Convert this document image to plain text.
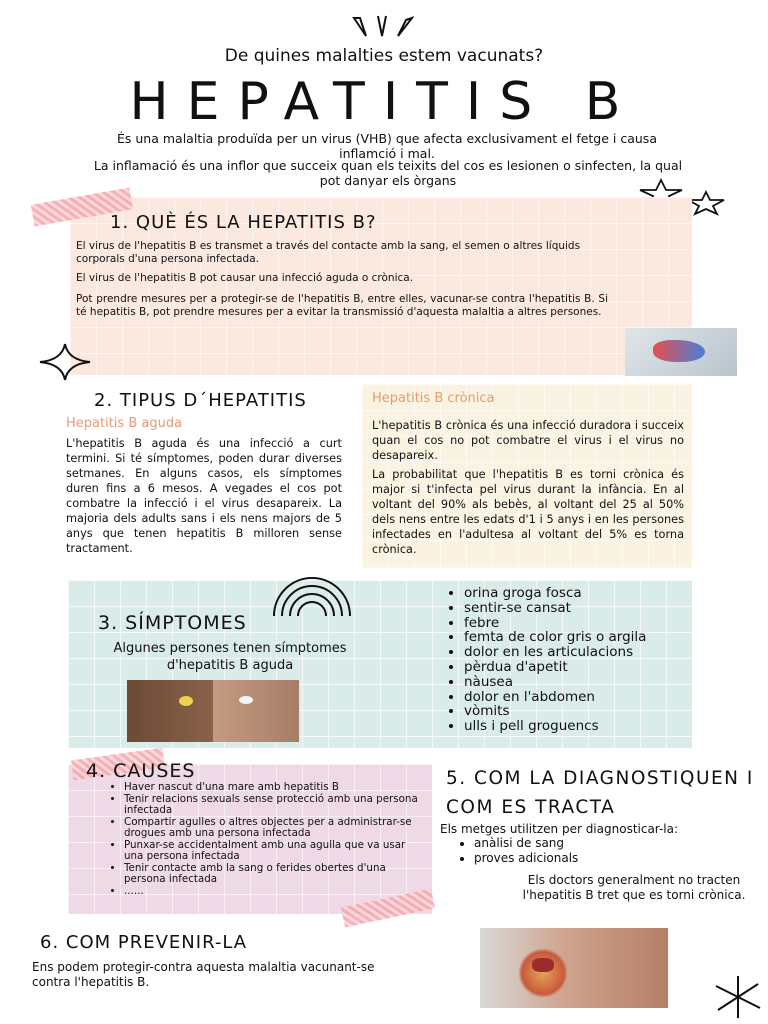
De quines malalties estem vacunats?
HEPATITIS B
És una malaltia produïda per un virus (VHB) que afecta exclusivament el fetge i causa inflamció i mal.
La inflamació és una inflor que succeix quan els teixits del cos es lesionen o sinfecten, la qual pot danyar els òrgans
1. QUÈ ÉS LA HEPATITIS B?
El virus de l'hepatitis B es transmet a través del contacte amb la sang, el semen o altres líquids corporals d'una persona infectada.
El virus de l'hepatitis B pot causar una infecció aguda o crònica.
Pot prendre mesures per a protegir-se de l'hepatitis B, entre elles, vacunar-se contra l'hepatitis B. Si té hepatitis B, pot prendre mesures per a evitar la transmissió d'aquesta malaltia a altres persones.
2. TIPUS D´HEPATITIS
Hepatitis B aguda
L'hepatitis B aguda és una infecció a curt termini. Si té símptomes, poden durar diverses setmanes. En alguns casos, els símptomes duren fins a 6 mesos. A vegades el cos pot combatre la infecció i el virus desapareix. La majoria dels adults sans i els nens majors de 5 anys que tenen hepatitis B milloren sense tractament.
Hepatitis B crònica
L'hepatitis B crònica és una infecció duradora i succeix quan el cos no pot combatre el virus i el virus no desapareix.
La probabilitat que l'hepatitis B es torni crònica és major si t'infecta pel virus durant la infància. En al voltant del 90% als bebès, al voltant del 25 al 50% dels nens entre les edats d'1 i 5 anys i en les persones infectades en l'adultesa al voltant del 5% es torna crònica.
3. SÍMPTOMES
Algunes persones tenen símptomes d'hepatitis B aguda
• orina groga fosca
• sentir-se cansat
• febre
• femta de color gris o argila
• dolor en les articulacions
• pèrdua d'apetit
• nàusea
• dolor en l'abdomen
• vòmits
• ulls i pell groguencs
4. CAUSES
• Haver nascut d'una mare amb hepatitis B
• Tenir relacions sexuals sense protecció amb una persona infectada
• Compartir agulles o altres objectes per a administrar-se drogues amb una persona infectada
• Punxar-se accidentalment amb una agulla que va usar una persona infectada
• Tenir contacte amb la sang o ferides obertes d'una persona infectada
• ......
5. COM LA DIAGNOSTIQUEN I COM ES TRACTA
Els metges utilitzen per diagnosticar-la:
• anàlisi de sang
• proves adicionals
Els doctors generalment no tracten l'hepatitis B tret que es torni crònica.
6. COM PREVENIR-LA
Ens podem protegir-contra aquesta malaltia vacunant-se contra l'hepatitis B.
